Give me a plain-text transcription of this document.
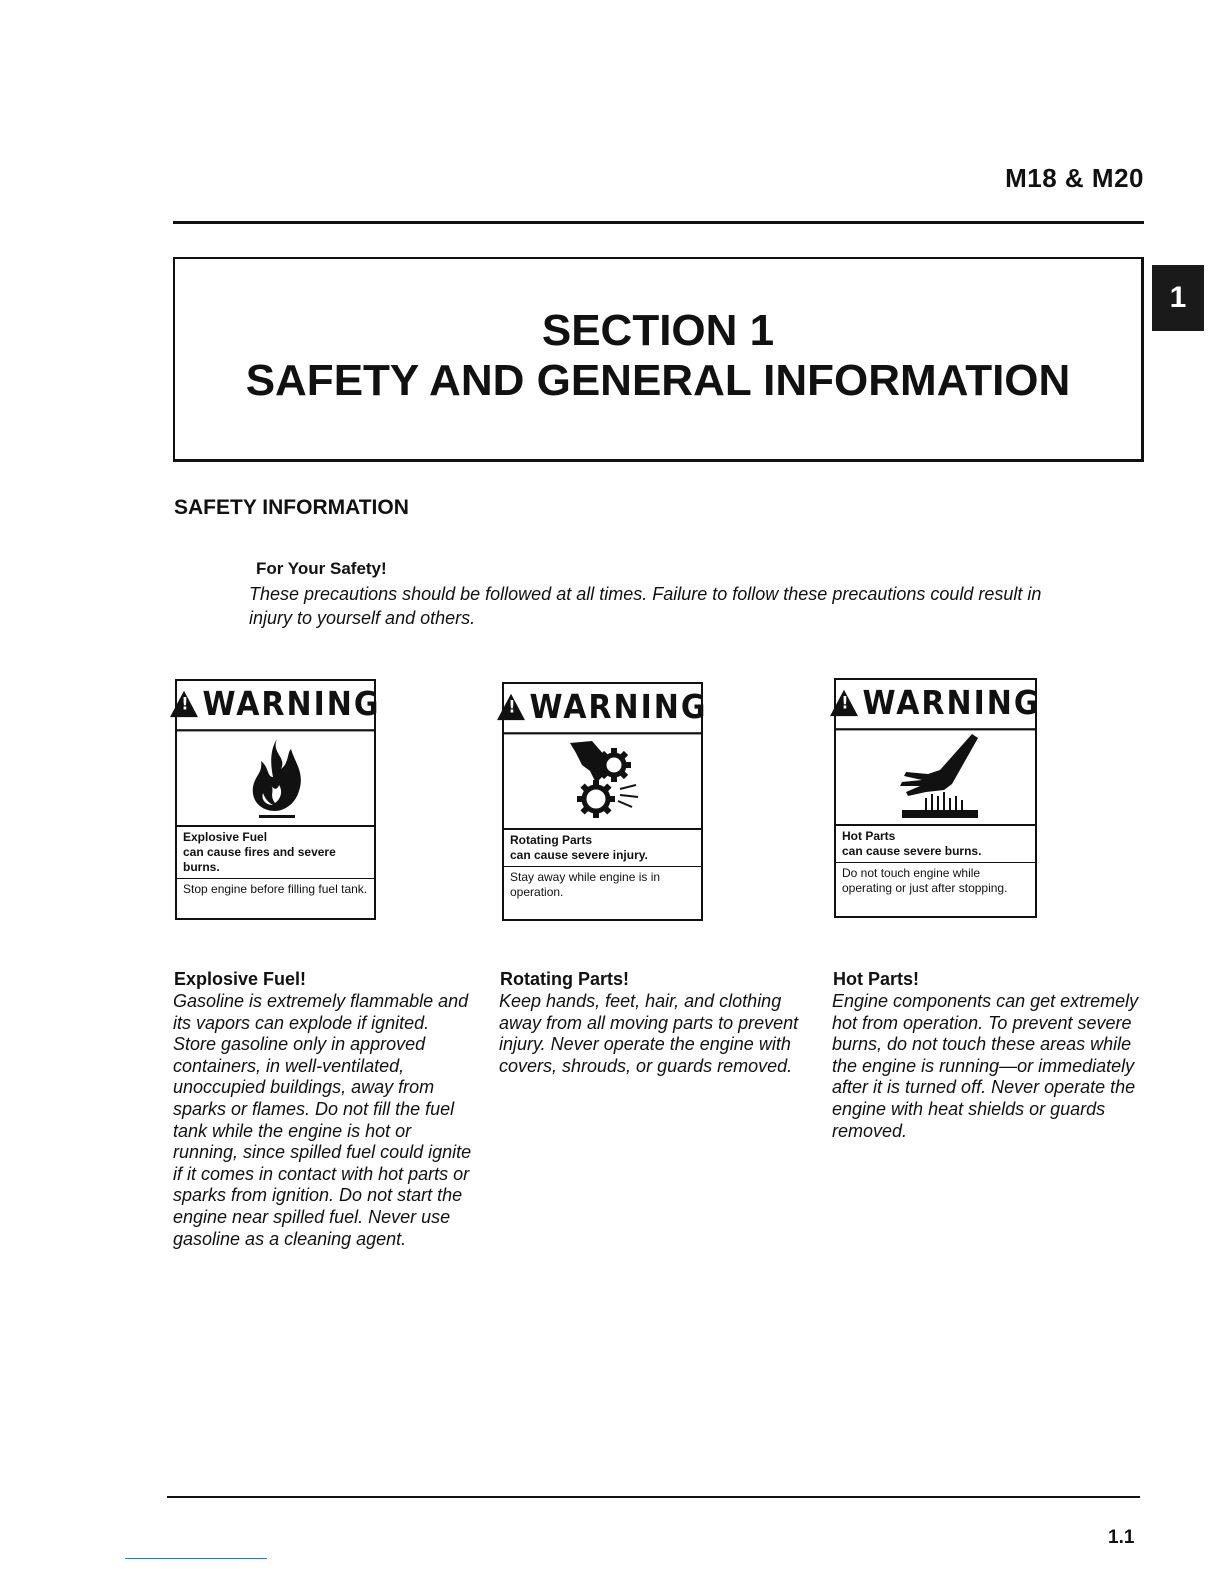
M18 & M20
SECTION 1
SAFETY AND GENERAL INFORMATION
1
SAFETY INFORMATION
For Your Safety!
These precautions should be followed at all times. Failure to follow these precautions could result in injury to yourself and others.
!
WARNING
Explosive Fuel
can cause fires and severe burns.
Stop engine before filling fuel tank.
!
WARNING
Rotating Parts
can cause severe injury.
Stay away while engine is in operation.
!
WARNING
Hot Parts
can cause severe burns.
Do not touch engine while operating or just after stopping.
Explosive Fuel!
Gasoline is extremely flammable and its vapors can explode if ignited. Store gasoline only in approved containers, in well-ventilated, unoccupied buildings, away from sparks or flames. Do not fill the fuel tank while the engine is hot or running, since spilled fuel could ignite if it comes in contact with hot parts or sparks from ignition. Do not start the engine near spilled fuel. Never use gasoline as a cleaning agent.
Rotating Parts!
Keep hands, feet, hair, and clothing away from all moving parts to prevent injury. Never operate the engine with covers, shrouds, or guards removed.
Hot Parts!
Engine components can get extremely hot from operation. To prevent severe burns, do not touch these areas while the engine is running—or immediately after it is turned off. Never operate the engine with heat shields or guards removed.
1.1
